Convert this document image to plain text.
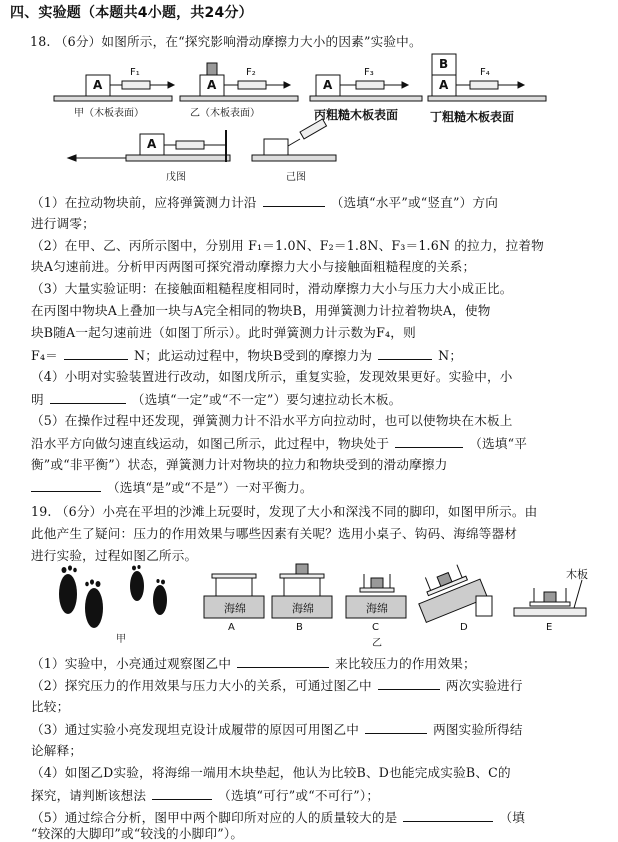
四、实验题（本题共4小题，共24分）
18. （6分）如图所示，在“探究影响滑动摩擦力大小的因素”实验中。
A
F₁
A
F₂
A
F₃
A
B
F₄
A
甲（木板表面）	乙（木板表面）	丙粗糙木板表面	丁粗糙木板表面
戊图	己图
（1）在拉动物块前，应将弹簧测力计沿	（选填“水平”或“竖直”）方向
进行调零；
（2）在甲、乙、丙所示图中，分别用 F₁＝1.0N、F₂＝1.8N、F₃＝1.6N 的拉力，拉着物
块A匀速前进。分析甲丙两图可探究滑动摩擦力大小与接触面粗糙程度的关系；
（3）大量实验证明：在接触面粗糙程度相同时，滑动摩擦力大小与压力大小成正比。
在丙图中物块A上叠加一块与A完全相同的物块B，用弹簧测力计拉着物块A，使物
块B随A一起匀速前进（如图丁所示）。此时弹簧测力计示数为F₄，则
F₄＝	N；此运动过程中，物块B受到的摩擦力为	N；
（4）小明对实验装置进行改动，如图戊所示，重复实验，发现效果更好。实验中，小
明	（选填“一定”或“不一定”）要匀速拉动长木板。
（5）在操作过程中还发现，弹簧测力计不沿水平方向拉动时，也可以使物块在木板上
沿水平方向做匀速直线运动，如图己所示，此过程中，物块处于	（选填“平
衡”或“非平衡”）状态，弹簧测力计对物块的拉力和物块受到的滑动摩擦力
（选填“是”或“不是”）一对平衡力。
19. （6分）小亮在平坦的沙滩上玩耍时，发现了大小和深浅不同的脚印，如图甲所示。由
此他产生了疑问：压力的作用效果与哪些因素有关呢？选用小桌子、钩码、海绵等器材
进行实验，过程如图乙所示。
海绵	海绵	海绵
木板
A	B	C	D	E
甲	乙
（1）实验中，小亮通过观察图乙中	来比较压力的作用效果；
（2）探究压力的作用效果与压力大小的关系，可通过图乙中	两次实验进行
比较；
（3）通过实验小亮发现坦克设计成履带的原因可用图乙中	两图实验所得结
论解释；
（4）如图乙D实验，将海绵一端用木块垫起，他认为比较B、D也能完成实验B、C的
探究，请判断该想法	（选填“可行”或“不可行”）；
（5）通过综合分析，图甲中两个脚印所对应的人的质量较大的是	（填
“较深的大脚印”或“较浅的小脚印”）。
